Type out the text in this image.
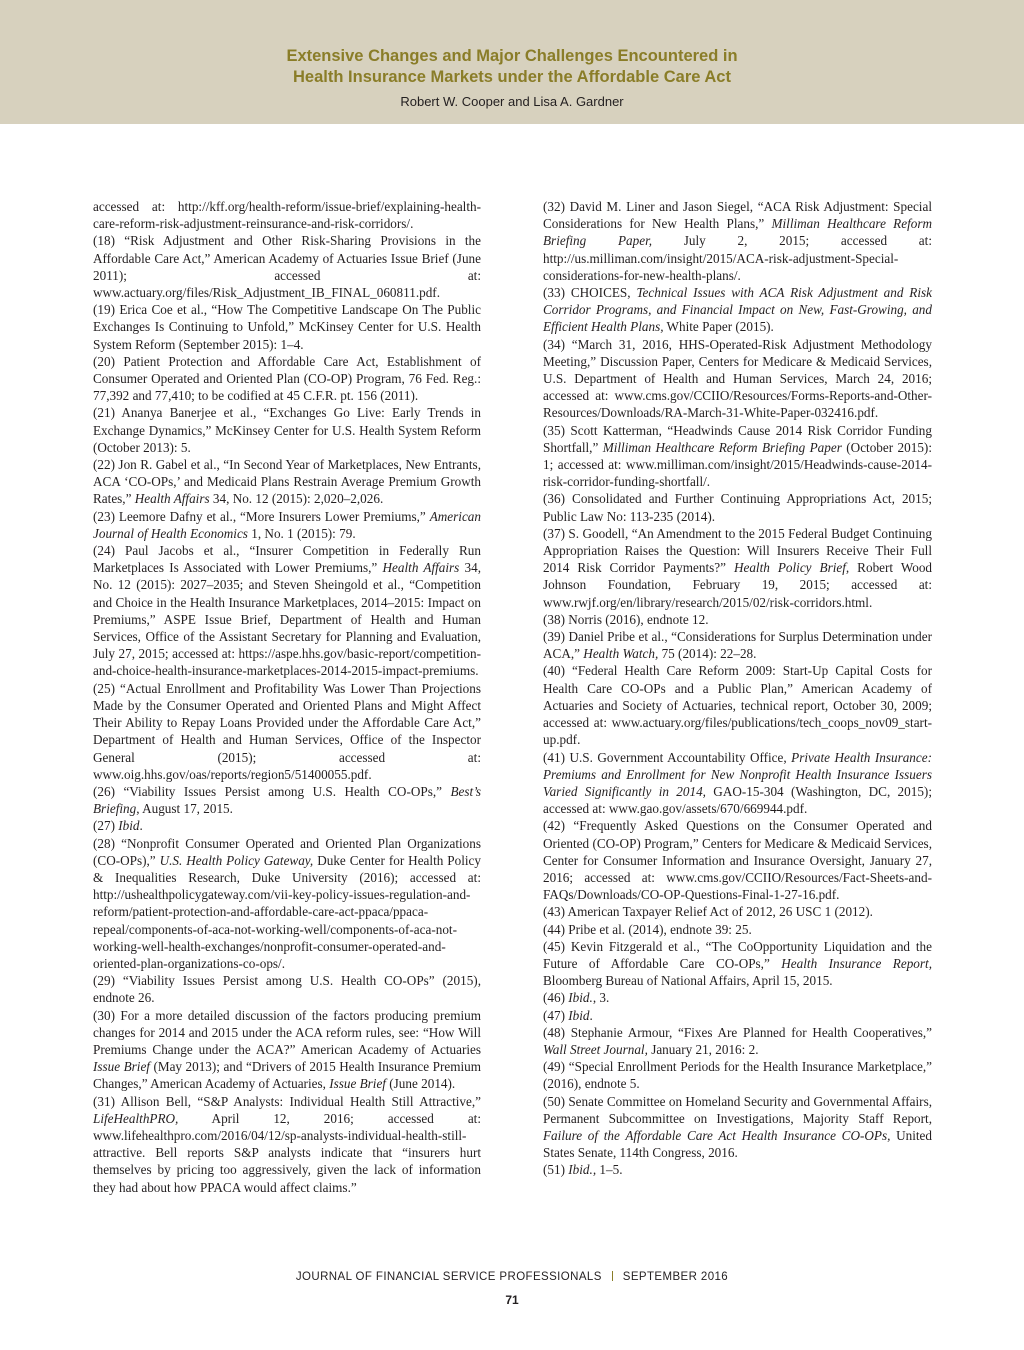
Extensive Changes and Major Challenges Encountered in
Health Insurance Markets under the Affordable Care Act
Robert W. Cooper and Lisa A. Gardner

accessed at: http://kff.org/health-reform/issue-brief/explaining-health-care-reform-risk-adjustment-reinsurance-and-risk-corridors/.

(18) “Risk Adjustment and Other Risk-Sharing Provisions in the Affordable Care Act,” American Academy of Actuaries Issue Brief (June 2011); accessed at: www.actuary.org/files/Risk_Adjustment_IB_FINAL_060811.pdf.

(19) Erica Coe et al., “How The Competitive Landscape On The Public Exchanges Is Continuing to Unfold,” McKinsey Center for U.S. Health System Reform (September 2015): 1–4.

(20) Patient Protection and Affordable Care Act, Establishment of Consumer Operated and Oriented Plan (CO-OP) Program, 76 Fed. Reg.: 77,392 and 77,410; to be codified at 45 C.F.R. pt. 156 (2011).

(21) Ananya Banerjee et al., “Exchanges Go Live: Early Trends in Exchange Dynamics,” McKinsey Center for U.S. Health System Reform (October 2013): 5.

(22) Jon R. Gabel et al., “In Second Year of Marketplaces, New Entrants, ACA ‘CO-OPs,’ and Medicaid Plans Restrain Average Premium Growth Rates,” Health Affairs 34, No. 12 (2015): 2,020–2,026.

(23) Leemore Dafny et al., “More Insurers Lower Premiums,” American Journal of Health Economics 1, No. 1 (2015): 79.

(24) Paul Jacobs et al., “Insurer Competition in Federally Run Marketplaces Is Associated with Lower Premiums,” Health Affairs 34, No. 12 (2015): 2027–2035; and Steven Sheingold et al., “Competition and Choice in the Health Insurance Marketplaces, 2014–2015: Impact on Premiums,” ASPE Issue Brief, Department of Health and Human Services, Office of the Assistant Secretary for Planning and Evaluation, July 27, 2015; accessed at: https://aspe.hhs.gov/basic-report/competition-and-choice-health-insurance-marketplaces-2014-2015-impact-premiums.

(25) “Actual Enrollment and Profitability Was Lower Than Projections Made by the Consumer Operated and Oriented Plans and Might Affect Their Ability to Repay Loans Provided under the Affordable Care Act,” Department of Health and Human Services, Office of the Inspector General (2015); accessed at: www.oig.hhs.gov/oas/reports/region5/51400055.pdf.

(26) “Viability Issues Persist among U.S. Health CO-OPs,” Best’s Briefing, August 17, 2015.

(27) Ibid.

(28) “Nonprofit Consumer Operated and Oriented Plan Organizations (CO-OPs),” U.S. Health Policy Gateway, Duke Center for Health Policy & Inequalities Research, Duke University (2016); accessed at: http://ushealthpolicygateway.com/vii-key-policy-issues-regulation-and-reform/patient-protection-and-affordable-care-act-ppaca/ppaca-repeal/components-of-aca-not-working-well/components-of-aca-not-working-well-health-exchanges/nonprofit-consumer-operated-and-oriented-plan-organizations-co-ops/.

(29) “Viability Issues Persist among U.S. Health CO-OPs” (2015), endnote 26.

(30) For a more detailed discussion of the factors producing premium changes for 2014 and 2015 under the ACA reform rules, see: “How Will Premiums Change under the ACA?” American Academy of Actuaries Issue Brief (May 2013); and “Drivers of 2015 Health Insurance Premium Changes,” American Academy of Actuaries, Issue Brief (June 2014).

(31) Allison Bell, “S&P Analysts: Individual Health Still Attractive,” LifeHealthPRO, April 12, 2016; accessed at: www.lifehealthpro.com/2016/04/12/sp-analysts-individual-health-still-attractive. Bell reports S&P analysts indicate that “insurers hurt themselves by pricing too aggressively, given the lack of information they had about how PPACA would affect claims.”

(32) David M. Liner and Jason Siegel, “ACA Risk Adjustment: Special Considerations for New Health Plans,” Milliman Healthcare Reform Briefing Paper, July 2, 2015; accessed at: http://us.milliman.com/insight/2015/ACA-risk-adjustment-Special-considerations-for-new-health-plans/.

(33) CHOICES, Technical Issues with ACA Risk Adjustment and Risk Corridor Programs, and Financial Impact on New, Fast-Growing, and Efficient Health Plans, White Paper (2015).

(34) “March 31, 2016, HHS-Operated-Risk Adjustment Methodology Meeting,” Discussion Paper, Centers for Medicare & Medicaid Services, U.S. Department of Health and Human Services, March 24, 2016; accessed at: www.cms.gov/CCIIO/Resources/Forms-Reports-and-Other-Resources/Downloads/RA-March-31-White-Paper-032416.pdf.

(35) Scott Katterman, “Headwinds Cause 2014 Risk Corridor Funding Shortfall,” Milliman Healthcare Reform Briefing Paper (October 2015): 1; accessed at: www.milliman.com/insight/2015/Headwinds-cause-2014-risk-corridor-funding-shortfall/.

(36) Consolidated and Further Continuing Appropriations Act, 2015; Public Law No: 113-235 (2014).

(37) S. Goodell, “An Amendment to the 2015 Federal Budget Continuing Appropriation Raises the Question: Will Insurers Receive Their Full 2014 Risk Corridor Payments?” Health Policy Brief, Robert Wood Johnson Foundation, February 19, 2015; accessed at: www.rwjf.org/en/library/research/2015/02/risk-corridors.html.

(38) Norris (2016), endnote 12.

(39) Daniel Pribe et al., “Considerations for Surplus Determination under ACA,” Health Watch, 75 (2014): 22–28.

(40) “Federal Health Care Reform 2009: Start-Up Capital Costs for Health Care CO-OPs and a Public Plan,” American Academy of Actuaries and Society of Actuaries, technical report, October 30, 2009; accessed at: www.actuary.org/files/publications/tech_coops_nov09_start-up.pdf.

(41) U.S. Government Accountability Office, Private Health Insurance: Premiums and Enrollment for New Nonprofit Health Insurance Issuers Varied Significantly in 2014, GAO-15-304 (Washington, DC, 2015); accessed at: www.gao.gov/assets/670/669944.pdf.

(42) “Frequently Asked Questions on the Consumer Operated and Oriented (CO-OP) Program,” Centers for Medicare & Medicaid Services, Center for Consumer Information and Insurance Oversight, January 27, 2016; accessed at: www.cms.gov/CCIIO/Resources/Fact-Sheets-and-FAQs/Downloads/CO-OP-Questions-Final-1-27-16.pdf.

(43) American Taxpayer Relief Act of 2012, 26 USC 1 (2012).

(44) Pribe et al. (2014), endnote 39: 25.

(45) Kevin Fitzgerald et al., “The CoOpportunity Liquidation and the Future of Affordable Care CO-OPs,” Health Insurance Report, Bloomberg Bureau of National Affairs, April 15, 2015.

(46) Ibid., 3.

(47) Ibid.

(48) Stephanie Armour, “Fixes Are Planned for Health Cooperatives,” Wall Street Journal, January 21, 2016: 2.

(49) “Special Enrollment Periods for the Health Insurance Marketplace,” (2016), endnote 5.

(50) Senate Committee on Homeland Security and Governmental Affairs, Permanent Subcommittee on Investigations, Majority Staff Report, Failure of the Affordable Care Act Health Insurance CO-OPs, United States Senate, 114th Congress, 2016.

(51) Ibid., 1–5.

JOURNAL OF FINANCIAL SERVICE PROFESSIONALS SEPTEMBER 2016
71
